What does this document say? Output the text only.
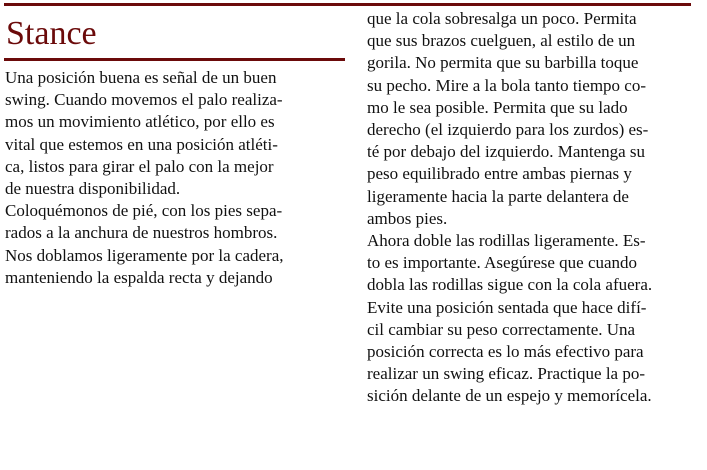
Stance
Una posición buena es señal de un buen
swing. Cuando movemos el palo realiza-
mos un movimiento atlético, por ello es
vital que estemos en una posición atléti-
ca, listos para girar el palo con la mejor
de nuestra disponibilidad.
Coloquémonos de pié, con los pies sepa-
rados a la anchura de nuestros hombros.
Nos doblamos ligeramente por la cadera,
manteniendo la espalda recta y dejando
que la cola sobresalga un poco. Permita
que sus brazos cuelguen, al estilo de un
gorila. No permita que su barbilla toque
su pecho. Mire a la bola tanto tiempo co-
mo le sea posible. Permita que su lado
derecho (el izquierdo para los zurdos) es-
té por debajo del izquierdo. Mantenga su
peso equilibrado entre ambas piernas y
ligeramente hacia la parte delantera de
ambos pies.
Ahora doble las rodillas ligeramente. Es-
to es importante. Asegúrese que cuando
dobla las rodillas sigue con la cola afuera.
Evite una posición sentada que hace difí-
cil cambiar su peso correctamente. Una
posición correcta es lo más efectivo para
realizar un swing eficaz. Practique la po-
sición delante de un espejo y memorícela.
